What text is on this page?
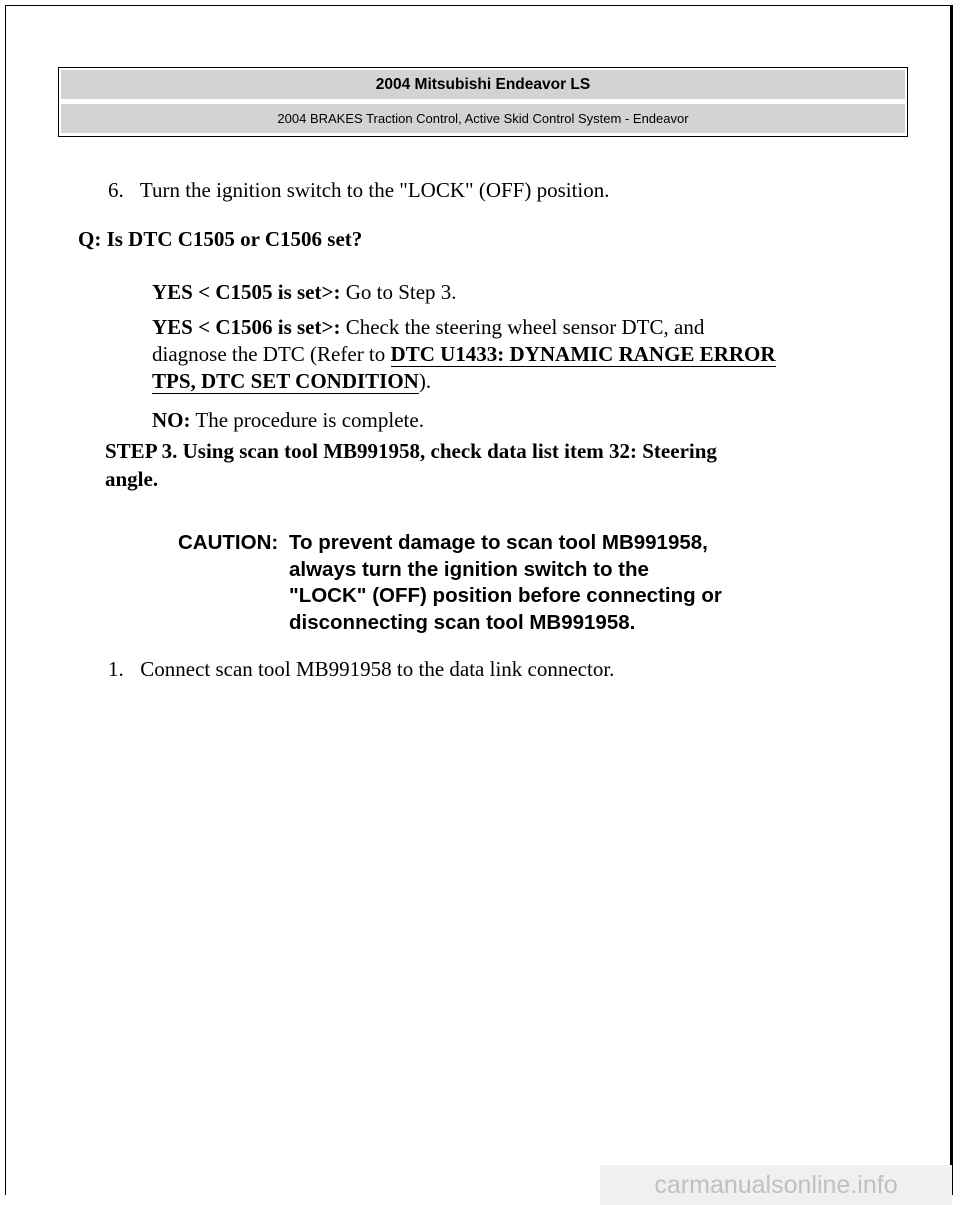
2004 Mitsubishi Endeavor LS
2004 BRAKES Traction Control, Active Skid Control System - Endeavor
6. Turn the ignition switch to the "LOCK" (OFF) position.
Q: Is DTC C1505 or C1506 set?
YES < C1505 is set>: Go to Step 3.
YES < C1506 is set>: Check the steering wheel sensor DTC, and
diagnose the DTC (Refer to DTC U1433: DYNAMIC RANGE ERROR
TPS, DTC SET CONDITION).
NO: The procedure is complete.
STEP 3. Using scan tool MB991958, check data list item 32: Steering
angle.
CAUTION: To prevent damage to scan tool MB991958,
always turn the ignition switch to the
"LOCK" (OFF) position before connecting or
disconnecting scan tool MB991958.
1. Connect scan tool MB991958 to the data link connector.
carmanualsonline.info
